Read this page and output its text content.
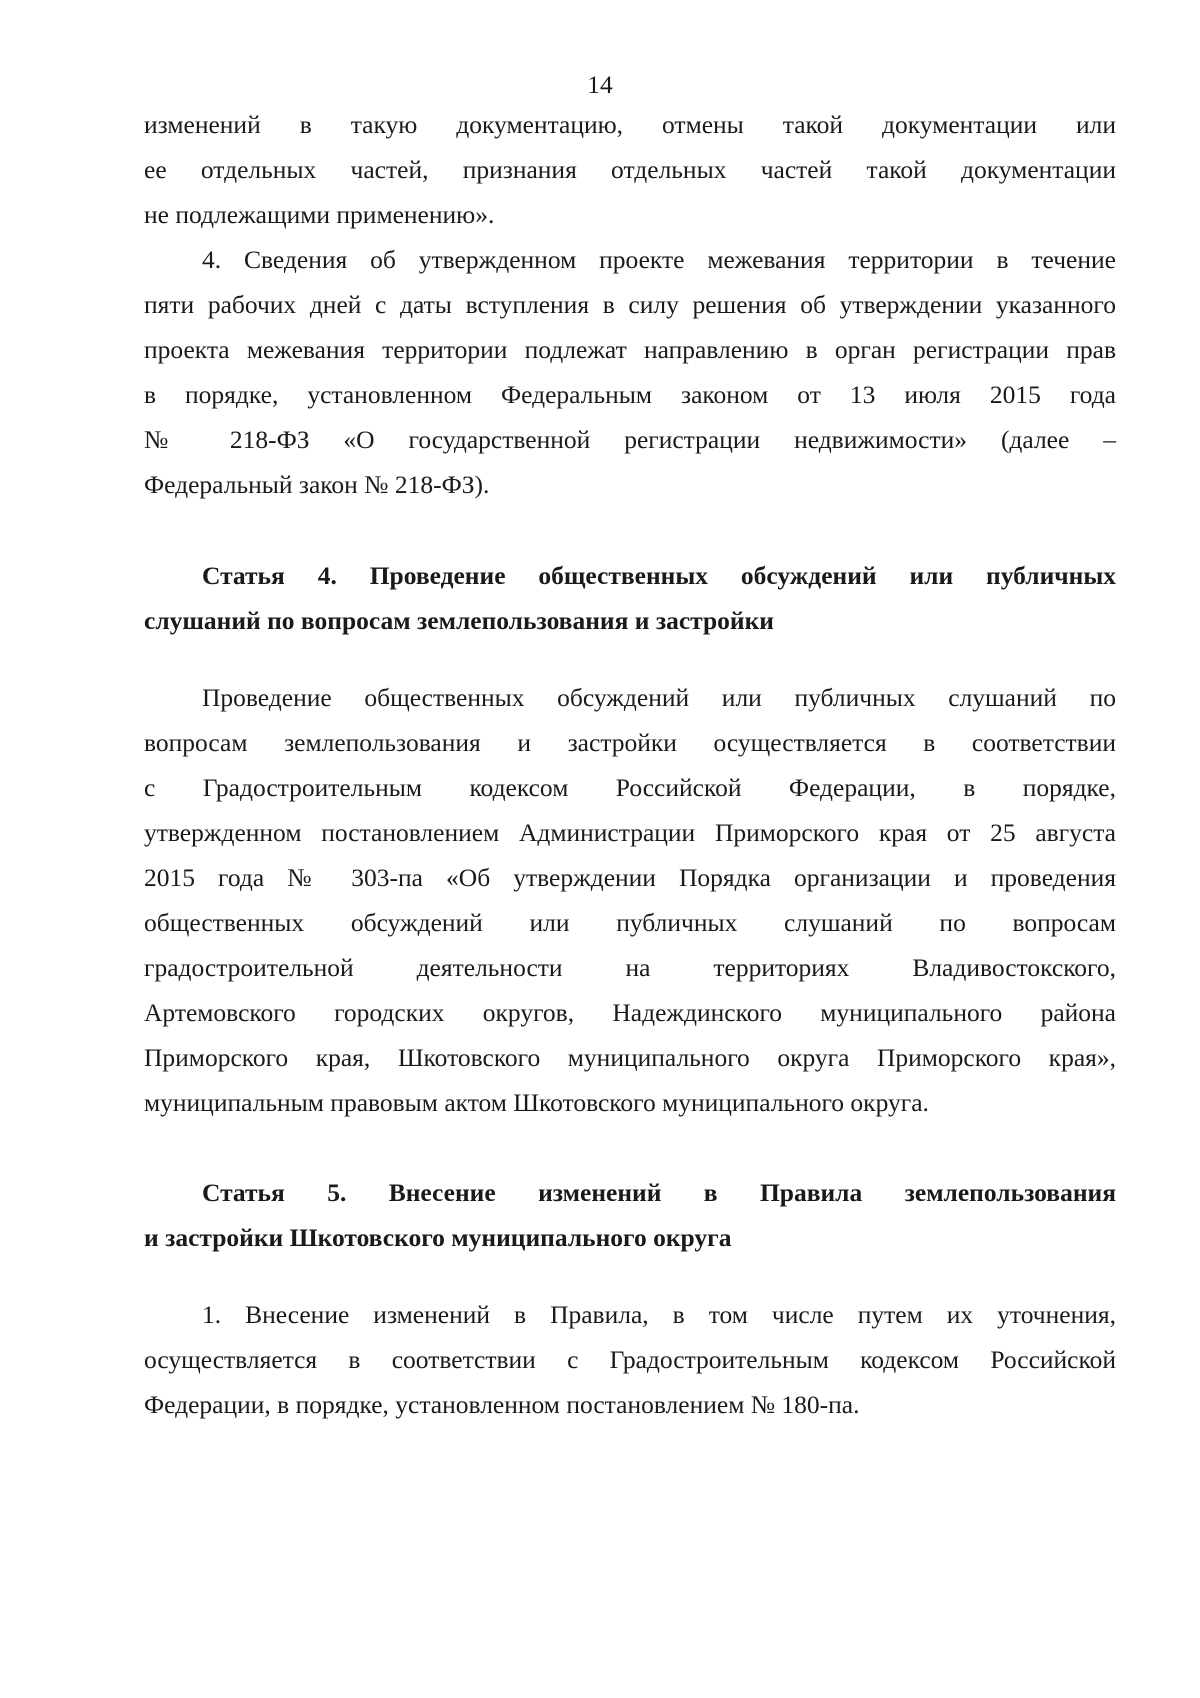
14
изменений в такую документацию, отмены такой документации или
ее отдельных частей, признания отдельных частей такой документации
не подлежащими применению».
4. Сведения об утвержденном проекте межевания территории в течение
пяти рабочих дней с даты вступления в силу решения об утверждении указанного
проекта межевания территории подлежат направлению в орган регистрации прав
в порядке, установленном Федеральным законом от 13 июля 2015 года
№ 218-ФЗ «О государственной регистрации недвижимости» (далее –
Федеральный закон № 218-ФЗ).
Статья 4. Проведение общественных обсуждений или публичных
слушаний по вопросам землепользования и застройки
Проведение общественных обсуждений или публичных слушаний по
вопросам землепользования и застройки осуществляется в соответствии
с Градостроительным кодексом Российской Федерации, в порядке,
утвержденном постановлением Администрации Приморского края от 25 августа
2015 года № 303-па «Об утверждении Порядка организации и проведения
общественных обсуждений или публичных слушаний по вопросам
градостроительной деятельности на территориях Владивостокского,
Артемовского городских округов, Надеждинского муниципального района
Приморского края, Шкотовского муниципального округа Приморского края»,
муниципальным правовым актом Шкотовского муниципального округа.
Статья 5. Внесение изменений в Правила землепользования
и застройки Шкотовского муниципального округа
1. Внесение изменений в Правила, в том числе путем их уточнения,
осуществляется в соответствии с Градостроительным кодексом Российской
Федерации, в порядке, установленном постановлением № 180-па.
